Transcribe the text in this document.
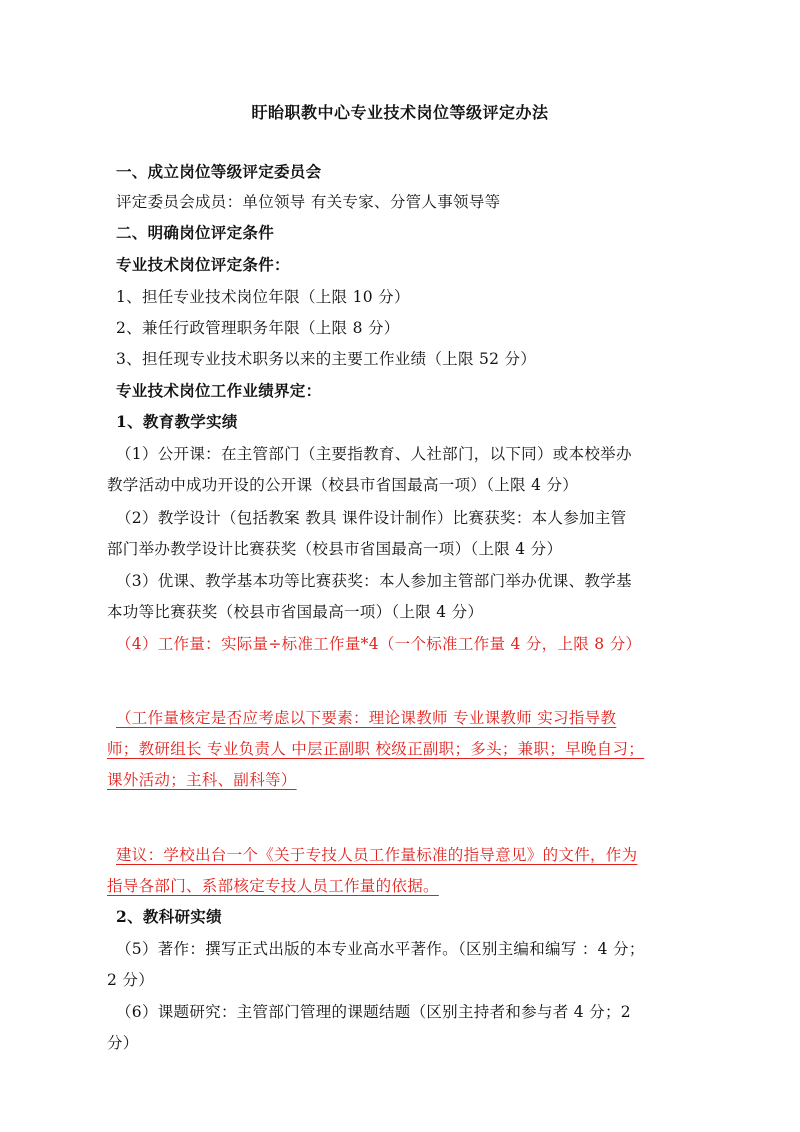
盱眙职教中心专业技术岗位等级评定办法
一、成立岗位等级评定委员会
评定委员会成员：单位领导 有关专家、分管人事领导等
二、明确岗位评定条件
专业技术岗位评定条件：
1、担任专业技术岗位年限（上限 10 分）
2、兼任行政管理职务年限（上限 8 分）
3、担任现专业技术职务以来的主要工作业绩（上限 52 分）
专业技术岗位工作业绩界定：
1、教育教学实绩
（1）公开课：在主管部门（主要指教育、人社部门，以下同）或本校举办
教学活动中成功开设的公开课（校县市省国最高一项）（上限 4 分）
（2）教学设计（包括教案 教具 课件设计制作）比赛获奖：本人参加主管
部门举办教学设计比赛获奖（校县市省国最高一项）（上限 4 分）
（3）优课、教学基本功等比赛获奖：本人参加主管部门举办优课、教学基
本功等比赛获奖（校县市省国最高一项）（上限 4 分）
（4）工作量：实际量÷标准工作量*4（一个标准工作量 4 分，上限 8 分）
（工作量核定是否应考虑以下要素：理论课教师 专业课教师 实习指导教
师；教研组长 专业负责人 中层正副职 校级正副职；多头；兼职；早晚自习；
课外活动；主科、副科等）
建议：学校出台一个《关于专技人员工作量标准的指导意见》的文件，作为
指导各部门、系部核定专技人员工作量的依据。
2、教科研实绩
（5）著作：撰写正式出版的本专业高水平著作。（区别主编和编写 ：4 分；
2 分）
（6）课题研究：主管部门管理的课题结题（区别主持者和参与者 4 分；2
分）
